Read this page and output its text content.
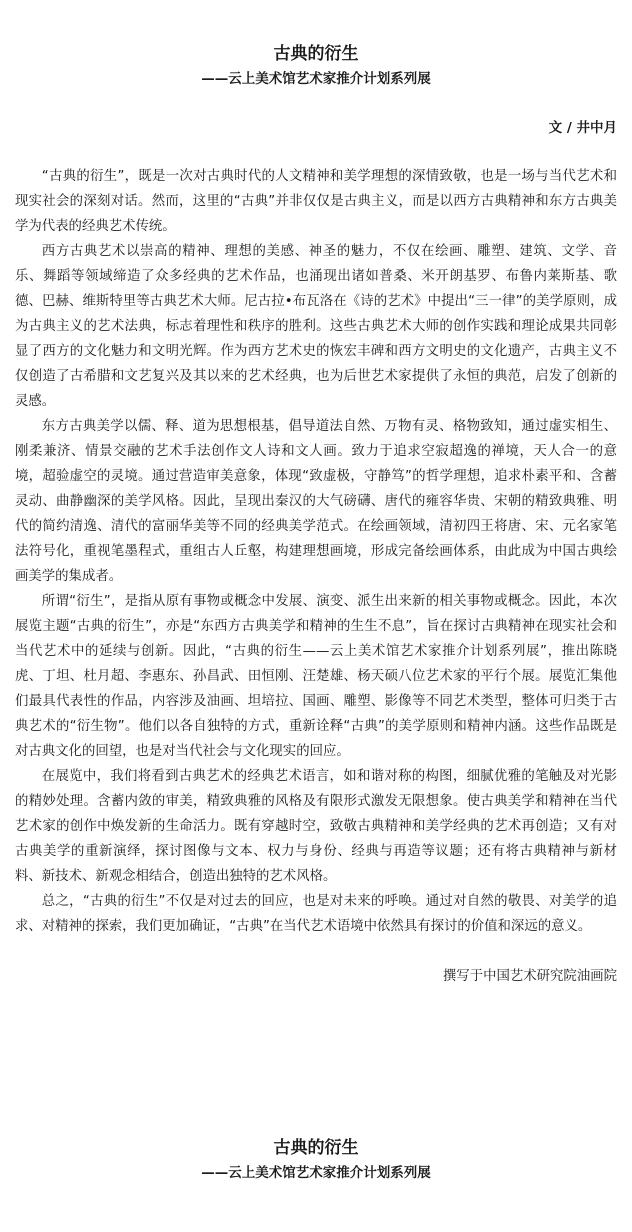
古典的衍生
——云上美术馆艺术家推介计划系列展
文 / 井中月

“古典的衍生”，既是一次对古典时代的人文精神和美学理想的深情致敬，也是一场与当代艺术和现实社会的深刻对话。然而，这里的“古典”并非仅仅是古典主义，而是以西方古典精神和东方古典美学为代表的经典艺术传统。

西方古典艺术以崇高的精神、理想的美感、神圣的魅力，不仅在绘画、雕塑、建筑、文学、音乐、舞蹈等领域缔造了众多经典的艺术作品，也涌现出诸如普桑、米开朗基罗、布鲁内莱斯基、歌德、巴赫、维斯特里等古典艺术大师。尼古拉•布瓦洛在《诗的艺术》中提出“三一律”的美学原则，成为古典主义的艺术法典，标志着理性和秩序的胜利。这些古典艺术大师的创作实践和理论成果共同彰显了西方的文化魅力和文明光辉。作为西方艺术史的恢宏丰碑和西方文明史的文化遗产，古典主义不仅创造了古希腊和文艺复兴及其以来的艺术经典，也为后世艺术家提供了永恒的典范，启发了创新的灵感。

东方古典美学以儒、释、道为思想根基，倡导道法自然、万物有灵、格物致知，通过虚实相生、刚柔兼济、情景交融的艺术手法创作文人诗和文人画。致力于追求空寂超逸的禅境，天人合一的意境，超验虚空的灵境。通过营造审美意象，体现“致虚极，守静笃”的哲学理想，追求朴素平和、含蓄灵动、曲静幽深的美学风格。因此，呈现出秦汉的大气磅礴、唐代的雍容华贵、宋朝的精致典雅、明代的简约清逸、清代的富丽华美等不同的经典美学范式。在绘画领域，清初四王将唐、宋、元名家笔法符号化，重视笔墨程式，重组古人丘壑，构建理想画境，形成完备绘画体系，由此成为中国古典绘画美学的集成者。

所谓“衍生”，是指从原有事物或概念中发展、演变、派生出来新的相关事物或概念。因此，本次展览主题“古典的衍生”，亦是“东西方古典美学和精神的生生不息”，旨在探讨古典精神在现实社会和当代艺术中的延续与创新。因此，“古典的衍生——云上美术馆艺术家推介计划系列展”，推出陈晓虎、丁坦、杜月超、李惠东、孙昌武、田恒刚、汪楚雄、杨天硕八位艺术家的平行个展。展览汇集他们最具代表性的作品，内容涉及油画、坦培拉、国画、雕塑、影像等不同艺术类型，整体可归类于古典艺术的“衍生物”。他们以各自独特的方式，重新诠释“古典”的美学原则和精神内涵。这些作品既是对古典文化的回望，也是对当代社会与文化现实的回应。

在展览中，我们将看到古典艺术的经典艺术语言，如和谐对称的构图，细腻优雅的笔触及对光影的精妙处理。含蓄内敛的审美，精致典雅的风格及有限形式激发无限想象。使古典美学和精神在当代艺术家的创作中焕发新的生命活力。既有穿越时空，致敬古典精神和美学经典的艺术再创造；又有对古典美学的重新演绎，探讨图像与文本、权力与身份、经典与再造等议题；还有将古典精神与新材料、新技术、新观念相结合，创造出独特的艺术风格。

总之，“古典的衍生”不仅是对过去的回应，也是对未来的呼唤。通过对自然的敬畏、对美学的追求、对精神的探索，我们更加确证，“古典”在当代艺术语境中依然具有探讨的价值和深远的意义。

撰写于中国艺术研究院油画院
古典的衍生
——云上美术馆艺术家推介计划系列展
